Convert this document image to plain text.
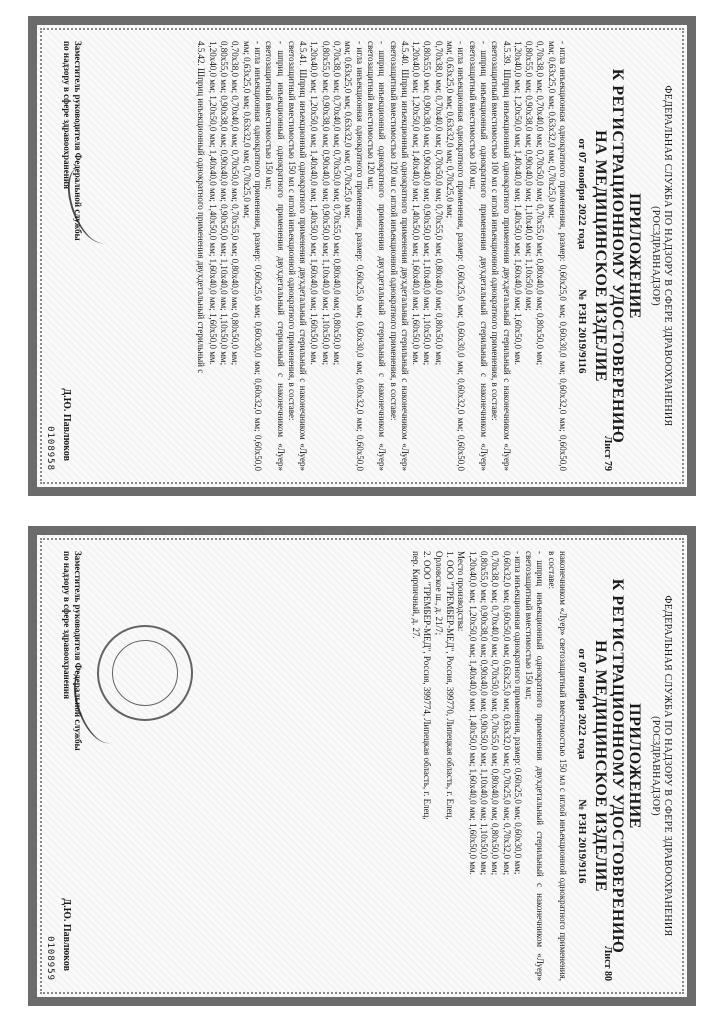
ФЕДЕРАЛЬНАЯ СЛУЖБА ПО НАДЗОРУ В СФЕРЕ ЗДРАВООХРАНЕНИЯ
(РОСЗДРАВНАДЗОР)
ПРИЛОЖЕНИЕ
К РЕГИСТРАЦИОННОМУ УДОСТОВЕРЕНИЮ
НА МЕДИЦИНСКОЕ ИЗДЕЛИЕ
Лист 79
от 07 ноября 2022 года
№ РЗН 2019/9116

- игла инъекционная однократного применения, размер: 0,60x25,0 мм; 0,60x30,0 мм; 0,60x32,0 мм; 0,60x50,0 мм; 0,63x25,0 мм; 0,63x32,0 мм; 0,70x25,0 мм;

0,70x38,0 мм; 0,70x40,0 мм; 0,70x50,0 мм; 0,70x55,0 мм; 0,80x40,0 мм; 0,80x50,0 мм;

0,80x55,0 мм; 0,90x38,0 мм; 0,90x40,0 мм; 1,10x40,0 мм; 1,10x50,0 мм;

1,20x40,0 мм; 1,20x50,0 мм; 1,40x40,0 мм; 1,40x50,0 мм; 1,60x40,0 мм; 1,60x50,0 мм.

4.5.39. Шприц инъекционный однократного применения двухдетальный стерильный с наконечником «Луер» светозащитный вместимостью 100 мл с иглой инъекционной однократного применения, в составе:

- шприц инъекционный однократного применения двухдетальный стерильный с наконечником «Луер» светозащитный вместимостью 100 мл;

- игла инъекционная однократного применения, размер: 0,60x25,0 мм; 0,60x30,0 мм; 0,60x32,0 мм; 0,60x50,0 мм; 0,63x25,0 мм; 0,63x32,0 мм; 0,70x25,0 мм;

0,70x38,0 мм; 0,70x40,0 мм; 0,70x50,0 мм; 0,70x55,0 мм; 0,80x40,0 мм; 0,80x50,0 мм;

0,80x55,0 мм; 0,90x38,0 мм; 0,90x40,0 мм; 0,90x50,0 мм; 1,10x40,0 мм; 1,10x50,0 мм;

1,20x40,0 мм; 1,20x50,0 мм; 1,40x40,0 мм; 1,40x50,0 мм; 1,60x40,0 мм; 1,60x50,0 мм.

4.5.40. Шприц инъекционный однократного применения двухдетальный стерильный с наконечником «Луер» светозащитный вместимостью 120 мл с иглой инъекционной однократного применения, в составе:

- шприц инъекционный однократного применения двухдетальный стерильный с наконечником «Луер» светозащитный вместимостью 120 мл;

- игла инъекционная однократного применения, размер: 0,60x25,0 мм; 0,60x30,0 мм; 0,60x32,0 мм; 0,60x50,0 мм; 0,63x25,0 мм; 0,63x32,0 мм; 0,70x25,0 мм;

0,70x38,0 мм; 0,70x40,0 мм; 0,70x50,0 мм; 0,70x55,0 мм; 0,80x40,0 мм; 0,80x50,0 мм;

0,80x55,0 мм; 0,90x38,0 мм; 0,90x40,0 мм; 0,90x50,0 мм; 1,10x40,0 мм; 1,10x50,0 мм;

1,20x40,0 мм; 1,20x50,0 мм; 1,40x40,0 мм; 1,40x50,0 мм; 1,60x40,0 мм; 1,60x50,0 мм.

4.5.41. Шприц инъекционный однократного применения двухдетальный стерильный с наконечником «Луер» светозащитный вместимостью 150 мл с иглой инъекционной однократного применения, в составе:

- шприц инъекционный однократного применения двухдетальный стерильный с наконечником «Луер» светозащитный вместимостью 150 мл;

- игла инъекционная однократного применения, размер: 0,60x25,0 мм; 0,60x30,0 мм; 0,60x32,0 мм; 0,60x50,0 мм; 0,63x25,0 мм; 0,63x32,0 мм; 0,70x25,0 мм;

0,70x38,0 мм; 0,70x40,0 мм; 0,70x50,0 мм; 0,70x55,0 мм; 0,80x40,0 мм; 0,80x50,0 мм;

0,80x55,0 мм; 0,90x38,0 мм; 0,90x40,0 мм; 0,90x50,0 мм; 1,10x40,0 мм; 1,10x50,0 мм;

1,20x40,0 мм; 1,20x50,0 мм; 1,40x40,0 мм; 1,40x50,0 мм; 1,60x40,0 мм; 1,60x50,0 мм.

4.5.42. Шприц инъекционный однократного применения двухдетальный стерильный с

Заместитель руководителя Федеральной службы
по надзору в сфере здравоохранения
Д.Ю. Павлюков
0108958
ФЕДЕРАЛЬНАЯ СЛУЖБА ПО НАДЗОРУ В СФЕРЕ ЗДРАВООХРАНЕНИЯ
(РОСЗДРАВНАДЗОР)
ПРИЛОЖЕНИЕ
К РЕГИСТРАЦИОННОМУ УДОСТОВЕРЕНИЮ
НА МЕДИЦИНСКОЕ ИЗДЕЛИЕ
Лист 80
от 07 ноября 2022 года
№ РЗН 2019/9116

наконечником «Луер» светозащитный вместимостью 150 мл с иглой инъекционной однократного применения, в составе:

- шприц инъекционный однократного применения двухдетальный стерильный с наконечником «Луер» светозащитный вместимостью 150 мл;

- игла инъекционная однократного применения, размер: 0,60x25,0 мм; 0,60x30,0 мм;

0,60x32,0 мм; 0,60x50,0 мм; 0,63x25,0 мм; 0,63x32,0 мм; 0,70x25,0 мм; 0,70x32,0 мм;

0,70x38,0 мм; 0,70x40,0 мм; 0,70x50,0 мм; 0,70x55,0 мм; 0,80x40,0 мм; 0,80x50,0 мм;

0,80x55,0 мм; 0,90x38,0 мм; 0,90x40,0 мм; 0,90x50,0 мм; 1,10x40,0 мм; 1,10x50,0 мм;

1,20x40,0 мм; 1,20x50,0 мм; 1,40x40,0 мм; 1,40x50,0 мм; 1,60x40,0 мм; 1,60x50,0 мм.

Место производства:

1. ООО "ТРЕМБЕР-МЕД", Россия, 399770, Липецкая область, г. Елец,

Орловское ш., д. 21/7;

2. ООО "ТРЕМБЕР-МЕД", Россия, 399774, Липецкая область, г. Елец,

пер. Кирпичный, д. 27.

Заместитель руководителя Федеральной службы
по надзору в сфере здравоохранения
Д.Ю. Павлюков
0108959
